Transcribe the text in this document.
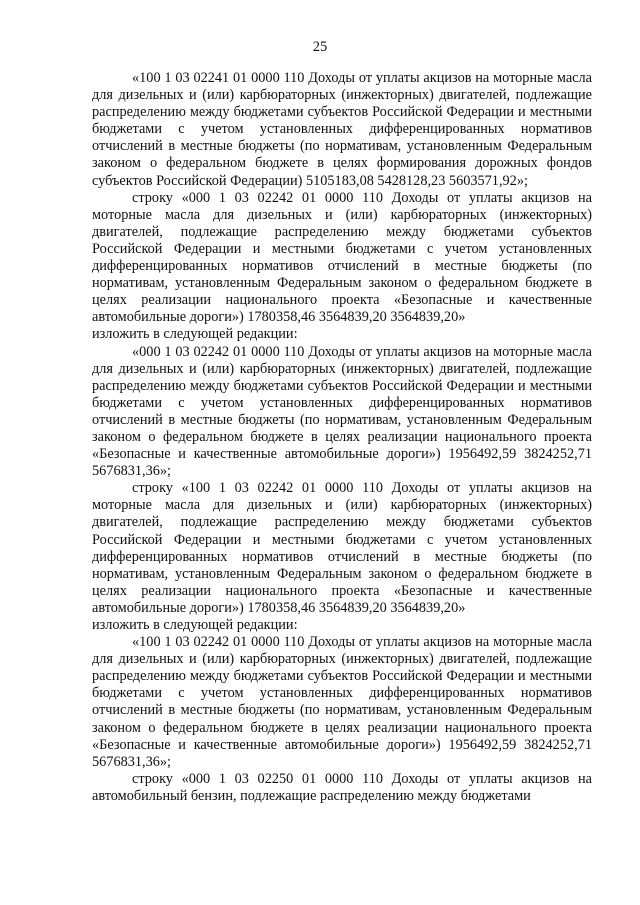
25

«100 1 03 02241 01 0000 110 Доходы от уплаты акцизов на моторные масла для дизельных и (или) карбюраторных (инжекторных) двигателей, подлежащие распределению между бюджетами субъектов Российской Федерации и местными бюджетами с учетом установленных дифференцированных нормативов отчислений в местные бюджеты (по нормативам, установленным Федеральным законом о федеральном бюджете в целях формирования дорожных фондов субъектов Российской Федерации) 5105183,08 5428128,23 5603571,92»;

строку «000 1 03 02242 01 0000 110 Доходы от уплаты акцизов на моторные масла для дизельных и (или) карбюраторных (инжекторных) двигателей, подлежащие распределению между бюджетами субъектов Российской Федерации и местными бюджетами с учетом установленных дифференцированных нормативов отчислений в местные бюджеты (по нормативам, установленным Федеральным законом о федеральном бюджете в целях реализации национального проекта «Безопасные и качественные автомобильные дороги») 1780358,46 3564839,20 3564839,20»

изложить в следующей редакции:

«000 1 03 02242 01 0000 110 Доходы от уплаты акцизов на моторные масла для дизельных и (или) карбюраторных (инжекторных) двигателей, подлежащие распределению между бюджетами субъектов Российской Федерации и местными бюджетами с учетом установленных дифференцированных нормативов отчислений в местные бюджеты (по нормативам, установленным Федеральным законом о федеральном бюджете в целях реализации национального проекта «Безопасные и качественные автомобильные дороги») 1956492,59 3824252,71 5676831,36»;

строку «100 1 03 02242 01 0000 110 Доходы от уплаты акцизов на моторные масла для дизельных и (или) карбюраторных (инжекторных) двигателей, подлежащие распределению между бюджетами субъектов Российской Федерации и местными бюджетами с учетом установленных дифференцированных нормативов отчислений в местные бюджеты (по нормативам, установленным Федеральным законом о федеральном бюджете в целях реализации национального проекта «Безопасные и качественные автомобильные дороги») 1780358,46 3564839,20 3564839,20»

изложить в следующей редакции:

«100 1 03 02242 01 0000 110 Доходы от уплаты акцизов на моторные масла для дизельных и (или) карбюраторных (инжекторных) двигателей, подлежащие распределению между бюджетами субъектов Российской Федерации и местными бюджетами с учетом установленных дифференцированных нормативов отчислений в местные бюджеты (по нормативам, установленным Федеральным законом о федеральном бюджете в целях реализации национального проекта «Безопасные и качественные автомобильные дороги») 1956492,59 3824252,71 5676831,36»;

строку «000 1 03 02250 01 0000 110 Доходы от уплаты акцизов на автомобильный бензин, подлежащие распределению между бюджетами
